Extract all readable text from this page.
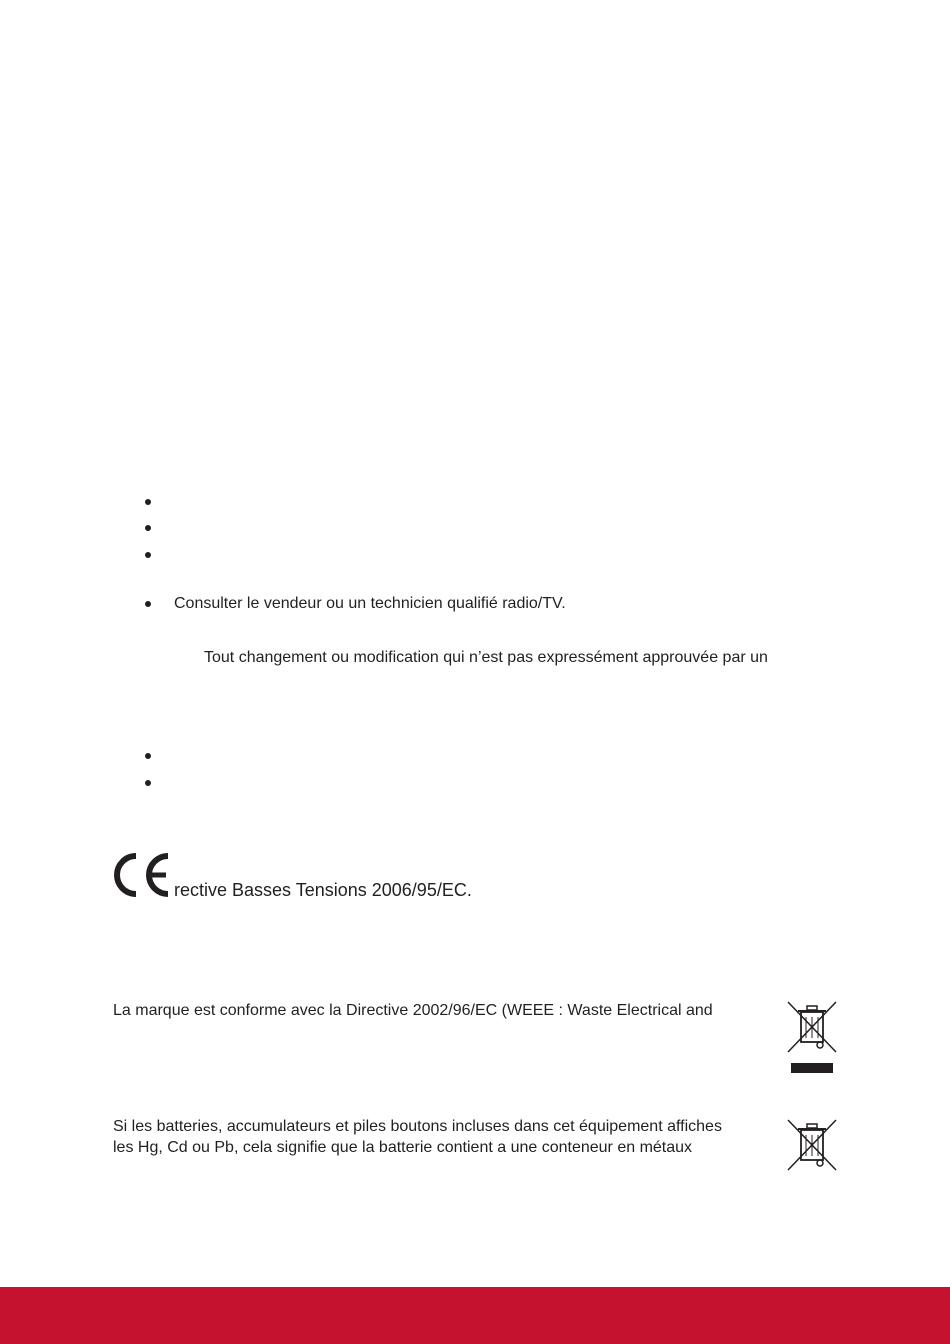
Consulter le vendeur ou un technicien qualifié radio/TV.
Tout changement ou modification qui n’est pas expressément approuvée par un
rective Basses Tensions 2006/95/EC.
La marque est conforme avec la Directive 2002/96/EC (WEEE : Waste Electrical and
Si les batteries, accumulateurs et piles boutons incluses dans cet équipement affiches
les Hg, Cd ou Pb, cela signifie que la batterie contient a une conteneur en métaux
